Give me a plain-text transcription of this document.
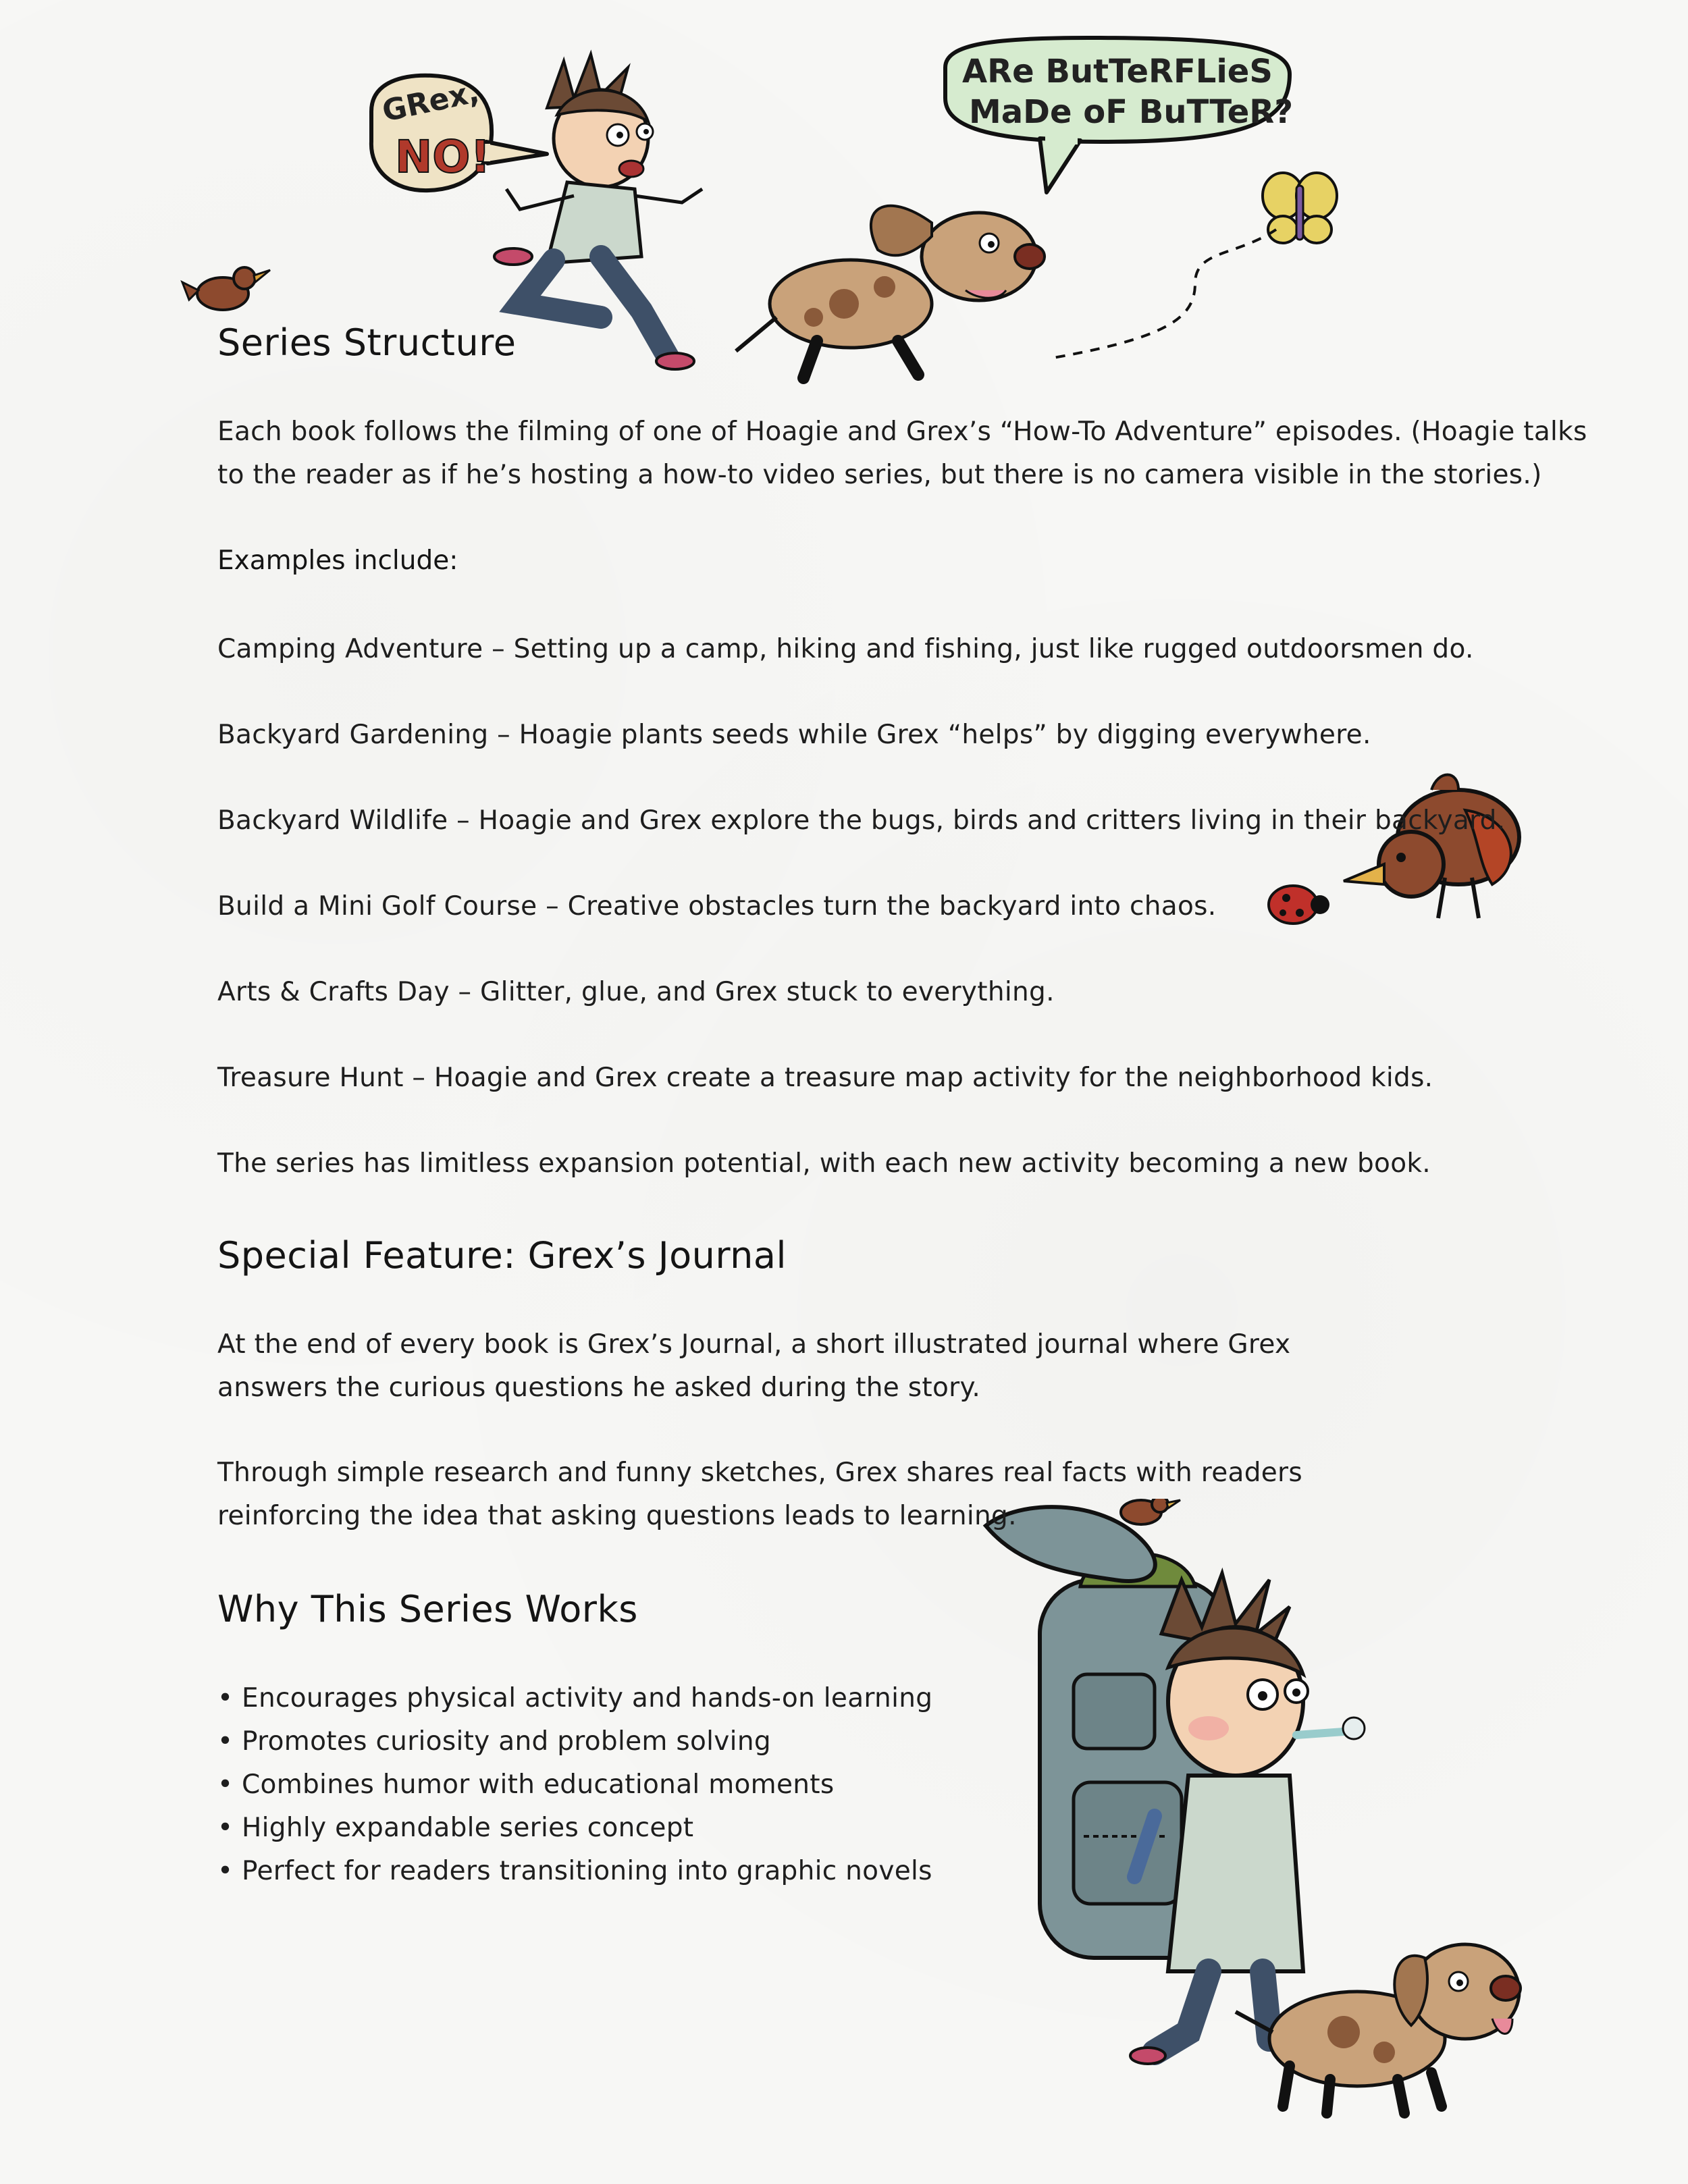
GRex,
NO!
ARe ButTeRFLieS
MaDe oF BuTTeR?
Series Structure

Each book follows the filming of one of Hoagie and Grex’s “How-To Adventure” episodes. (Hoagie talks
to the reader as if he’s hosting a how-to video series, but there is no camera visible in the stories.)

Examples include:

Camping Adventure – Setting up a camp, hiking and fishing, just like rugged outdoorsmen do.

Backyard Gardening – Hoagie plants seeds while Grex “helps” by digging everywhere.

Backyard Wildlife – Hoagie and Grex explore the bugs, birds and critters living in their backyard.

Build a Mini Golf Course – Creative obstacles turn the backyard into chaos.

Arts & Crafts Day – Glitter, glue, and Grex stuck to everything.

Treasure Hunt – Hoagie and Grex create a treasure map activity for the neighborhood kids.

The series has limitless expansion potential, with each new activity becoming a new book.

Special Feature: Grex’s Journal

At the end of every book is Grex’s Journal, a short illustrated journal where Grex
answers the curious questions he asked during the story.

Through simple research and funny sketches, Grex shares real facts with readers
reinforcing the idea that asking questions leads to learning.

Why This Series Works
• Encourages physical activity and hands-on learning
• Promotes curiosity and problem solving
• Combines humor with educational moments
• Highly expandable series concept
• Perfect for readers transitioning into graphic novels
